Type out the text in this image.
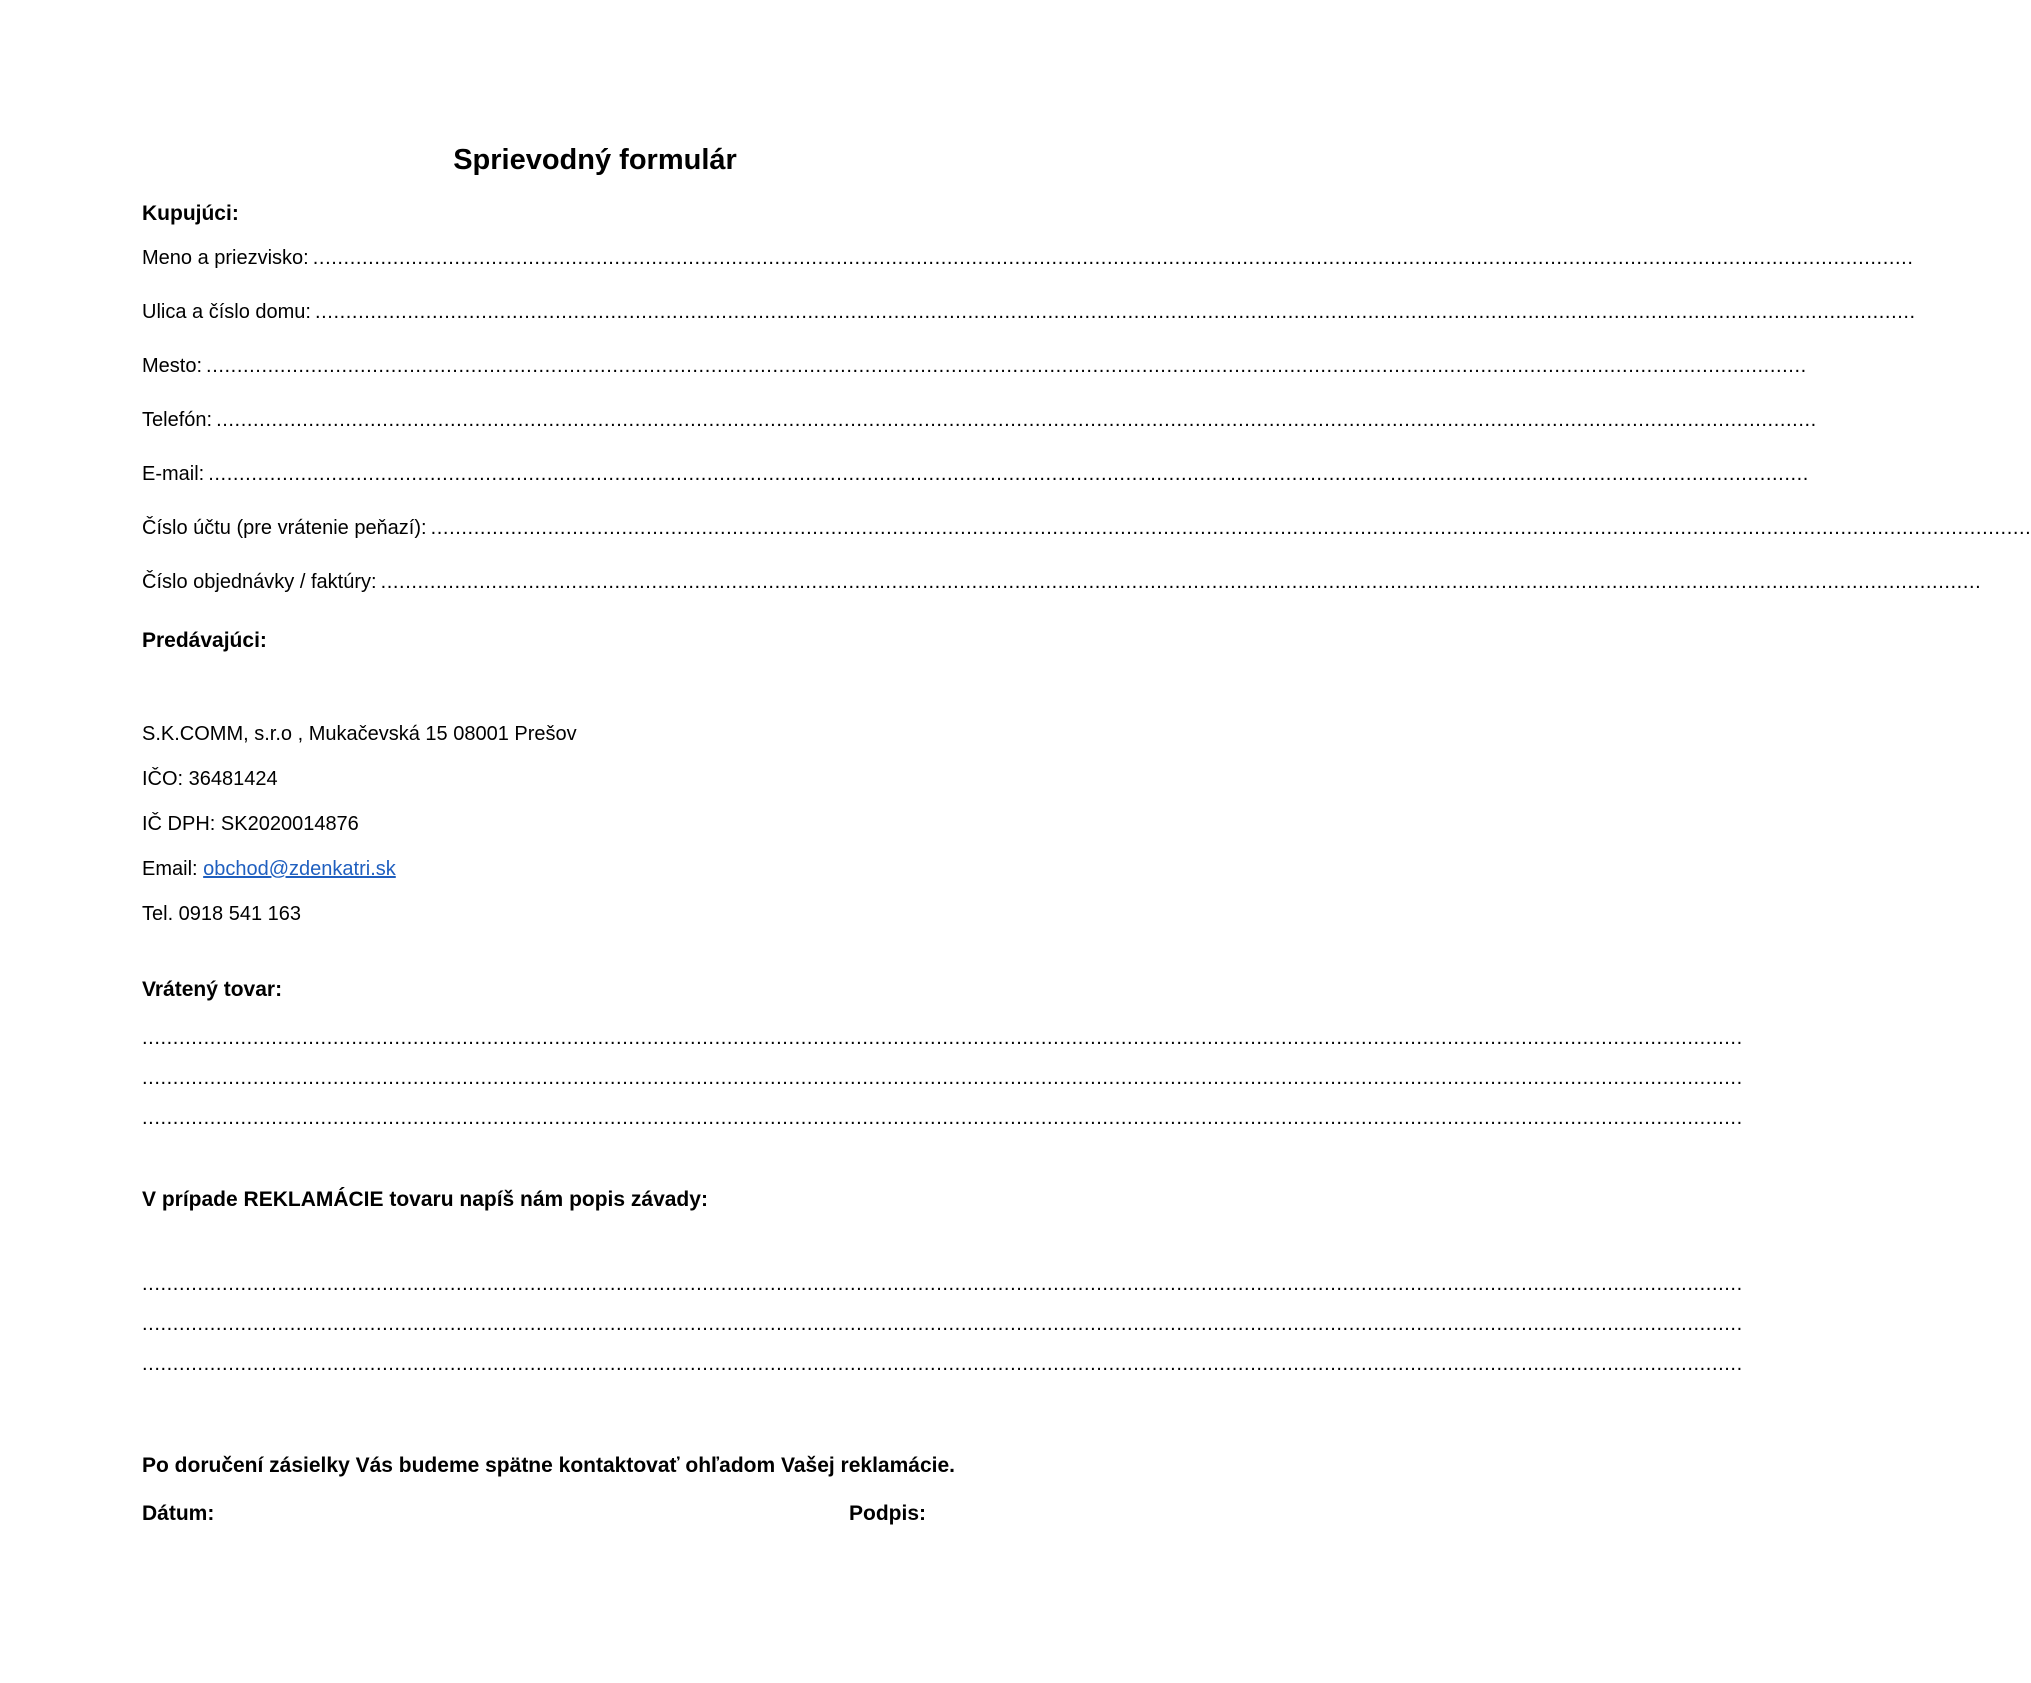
Sprievodný formulár
Kupujúci:
Meno a priezvisko: ....................................................................................................................................................................................................................................................................
Ulica a číslo domu: ....................................................................................................................................................................................................................................................................
Mesto: ....................................................................................................................................................................................................................................................................
Telefón: ....................................................................................................................................................................................................................................................................
E-mail: ....................................................................................................................................................................................................................................................................
Číslo účtu (pre vrátenie peňazí): ....................................................................................................................................................................................................................................................................
Číslo objednávky / faktúry: ....................................................................................................................................................................................................................................................................
Predávajúci:
S.K.COMM, s.r.o , Mukačevská 15 08001 Prešov
IČO: 36481424
IČ DPH: SK2020014876
Email: obchod@zdenkatri.sk
Tel. 0918 541 163
Vrátený tovar:
....................................................................................................................................................................................................................................................................
....................................................................................................................................................................................................................................................................
....................................................................................................................................................................................................................................................................
V prípade REKLAMÁCIE tovaru napíš nám popis závady:
....................................................................................................................................................................................................................................................................
....................................................................................................................................................................................................................................................................
....................................................................................................................................................................................................................................................................
Po doručení zásielky Vás budeme spätne kontaktovať ohľadom Vašej reklamácie.
Dátum:	Podpis:
